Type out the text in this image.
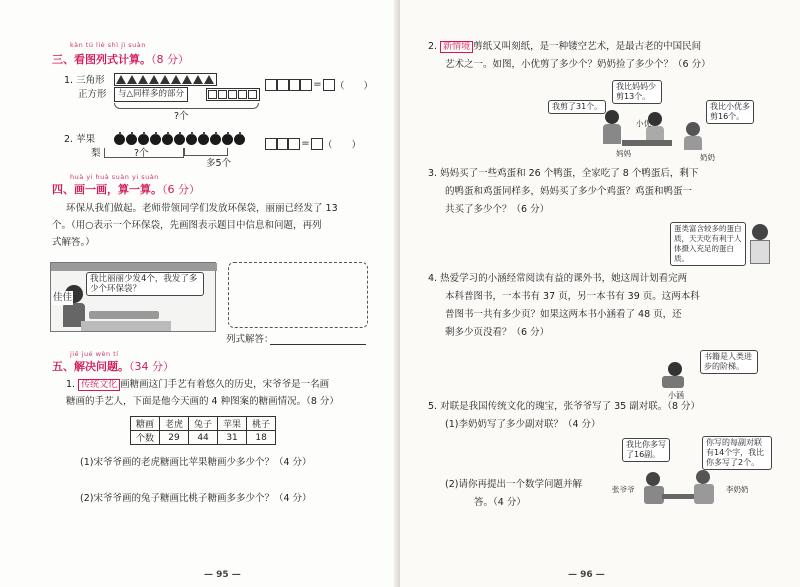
kàn tú liè shì jì suàn
三、看图列式计算。（8 分）
1. 三角形
正方形	与△同样多的部分
?个
= （　　）
2. 苹果
梨	?个
多5个
= （　　）
huà yi huà suàn yi suàn
四、画一画，算一算。（6 分）
环保从我们做起。老师带领同学们发放环保袋，丽丽已经发了 13
个。（用○表示一个环保袋，先画图表示题目中信息和问题，再列
式解答。）
佳佳
我比丽丽少发4个，我发了多少个环保袋？
列式解答：
jiě jué wèn tí
五、解决问题。（34 分）
1. 传统文化 画糖画这门手艺有着悠久的历史，宋爷爷是一名画
糖画的手艺人，下面是他今天画的 4 种图案的糖画情况。（8 分）
糖画	老虎	兔子	苹果	桃子
个数	29	44	31	18
(1)宋爷爷画的老虎糖画比苹果糖画少多少个？（4 分）
(2)宋爷爷画的兔子糖画比桃子糖画多多少个？（4 分）
— 95 —
2. 新情境 剪纸又叫刻纸，是一种镂空艺术，是最古老的中国民间
艺术之一。如图，小优剪了多少个？奶奶捡了多少个？（6 分）
我剪了31个。
我比妈妈少剪13个。
我比小优多剪16个。
妈妈
小优
奶奶
3. 妈妈买了一些鸡蛋和 26 个鸭蛋，全家吃了 8 个鸭蛋后，剩下
的鸭蛋和鸡蛋同样多，妈妈买了多少个鸡蛋？鸡蛋和鸭蛋一
共买了多少个？（6 分）
蛋类富含较多的蛋白质，天天吃有利于人体摄入充足的蛋白质。
4. 热爱学习的小涵经常阅读有益的课外书，她这周计划看完两
本科普图书，一本书有 37 页，另一本书有 39 页。这两本科
普图书一共有多少页？如果这两本书小涵看了 48 页，还
剩多少页没看？（6 分）
书籍是人类进步的阶梯。
小涵
5. 对联是我国传统文化的瑰宝，张爷爷写了 35 副对联。（8 分）
(1)李奶奶写了多少副对联？（4 分）
我比你多写了16副。
你写的每副对联有14个字，我比你多写了2个。
(2)请你再提出一个数学问题并解
答。（4 分）
张爷爷	李奶奶
— 96 —
